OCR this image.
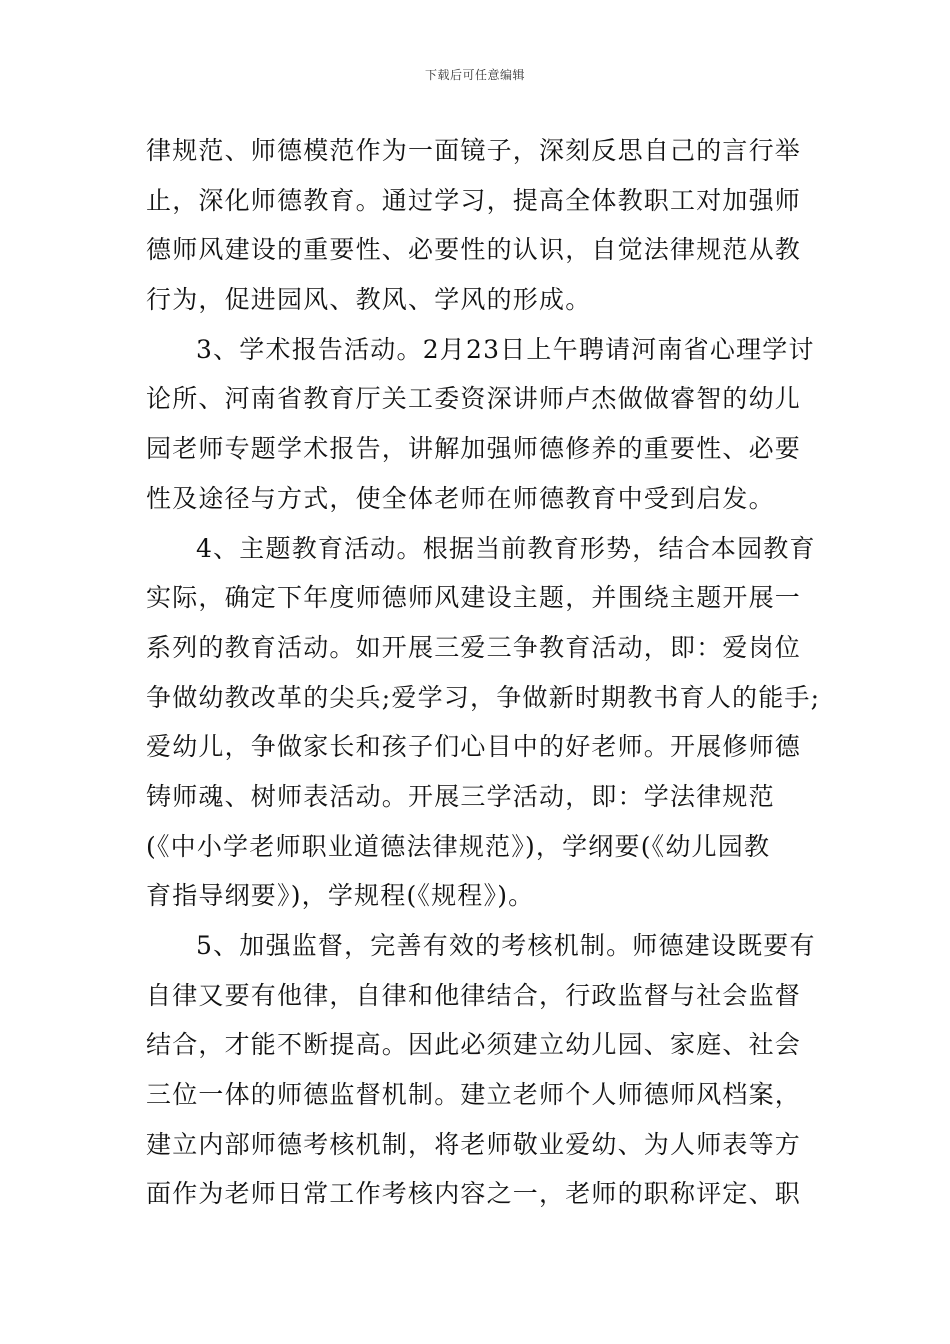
下载后可任意编辑
律规范、师德模范作为一面镜子，深刻反思自己的言行举
止，深化师德教育。通过学习，提高全体教职工对加强师
德师风建设的重要性、必要性的认识，自觉法律规范从教
行为，促进园风、教风、学风的形成。
3、学术报告活动。2月23日上午聘请河南省心理学讨
论所、河南省教育厅关工委资深讲师卢杰做做睿智的幼儿
园老师专题学术报告，讲解加强师德修养的重要性、必要
性及途径与方式，使全体老师在师德教育中受到启发。
4、主题教育活动。根据当前教育形势，结合本园教育
实际，确定下年度师德师风建设主题，并围绕主题开展一
系列的教育活动。如开展三爱三争教育活动，即：爱岗位
争做幼教改革的尖兵;爱学习，争做新时期教书育人的能手;
爱幼儿，争做家长和孩子们心目中的好老师。开展修师德
铸师魂、树师表活动。开展三学活动，即：学法律规范
(《中小学老师职业道德法律规范》)，学纲要(《幼儿园教
育指导纲要》)，学规程(《规程》)。
5、加强监督，完善有效的考核机制。师德建设既要有
自律又要有他律，自律和他律结合，行政监督与社会监督
结合，才能不断提高。因此必须建立幼儿园、家庭、社会
三位一体的师德监督机制。建立老师个人师德师风档案，
建立内部师德考核机制，将老师敬业爱幼、为人师表等方
面作为老师日常工作考核内容之一，老师的职称评定、职
